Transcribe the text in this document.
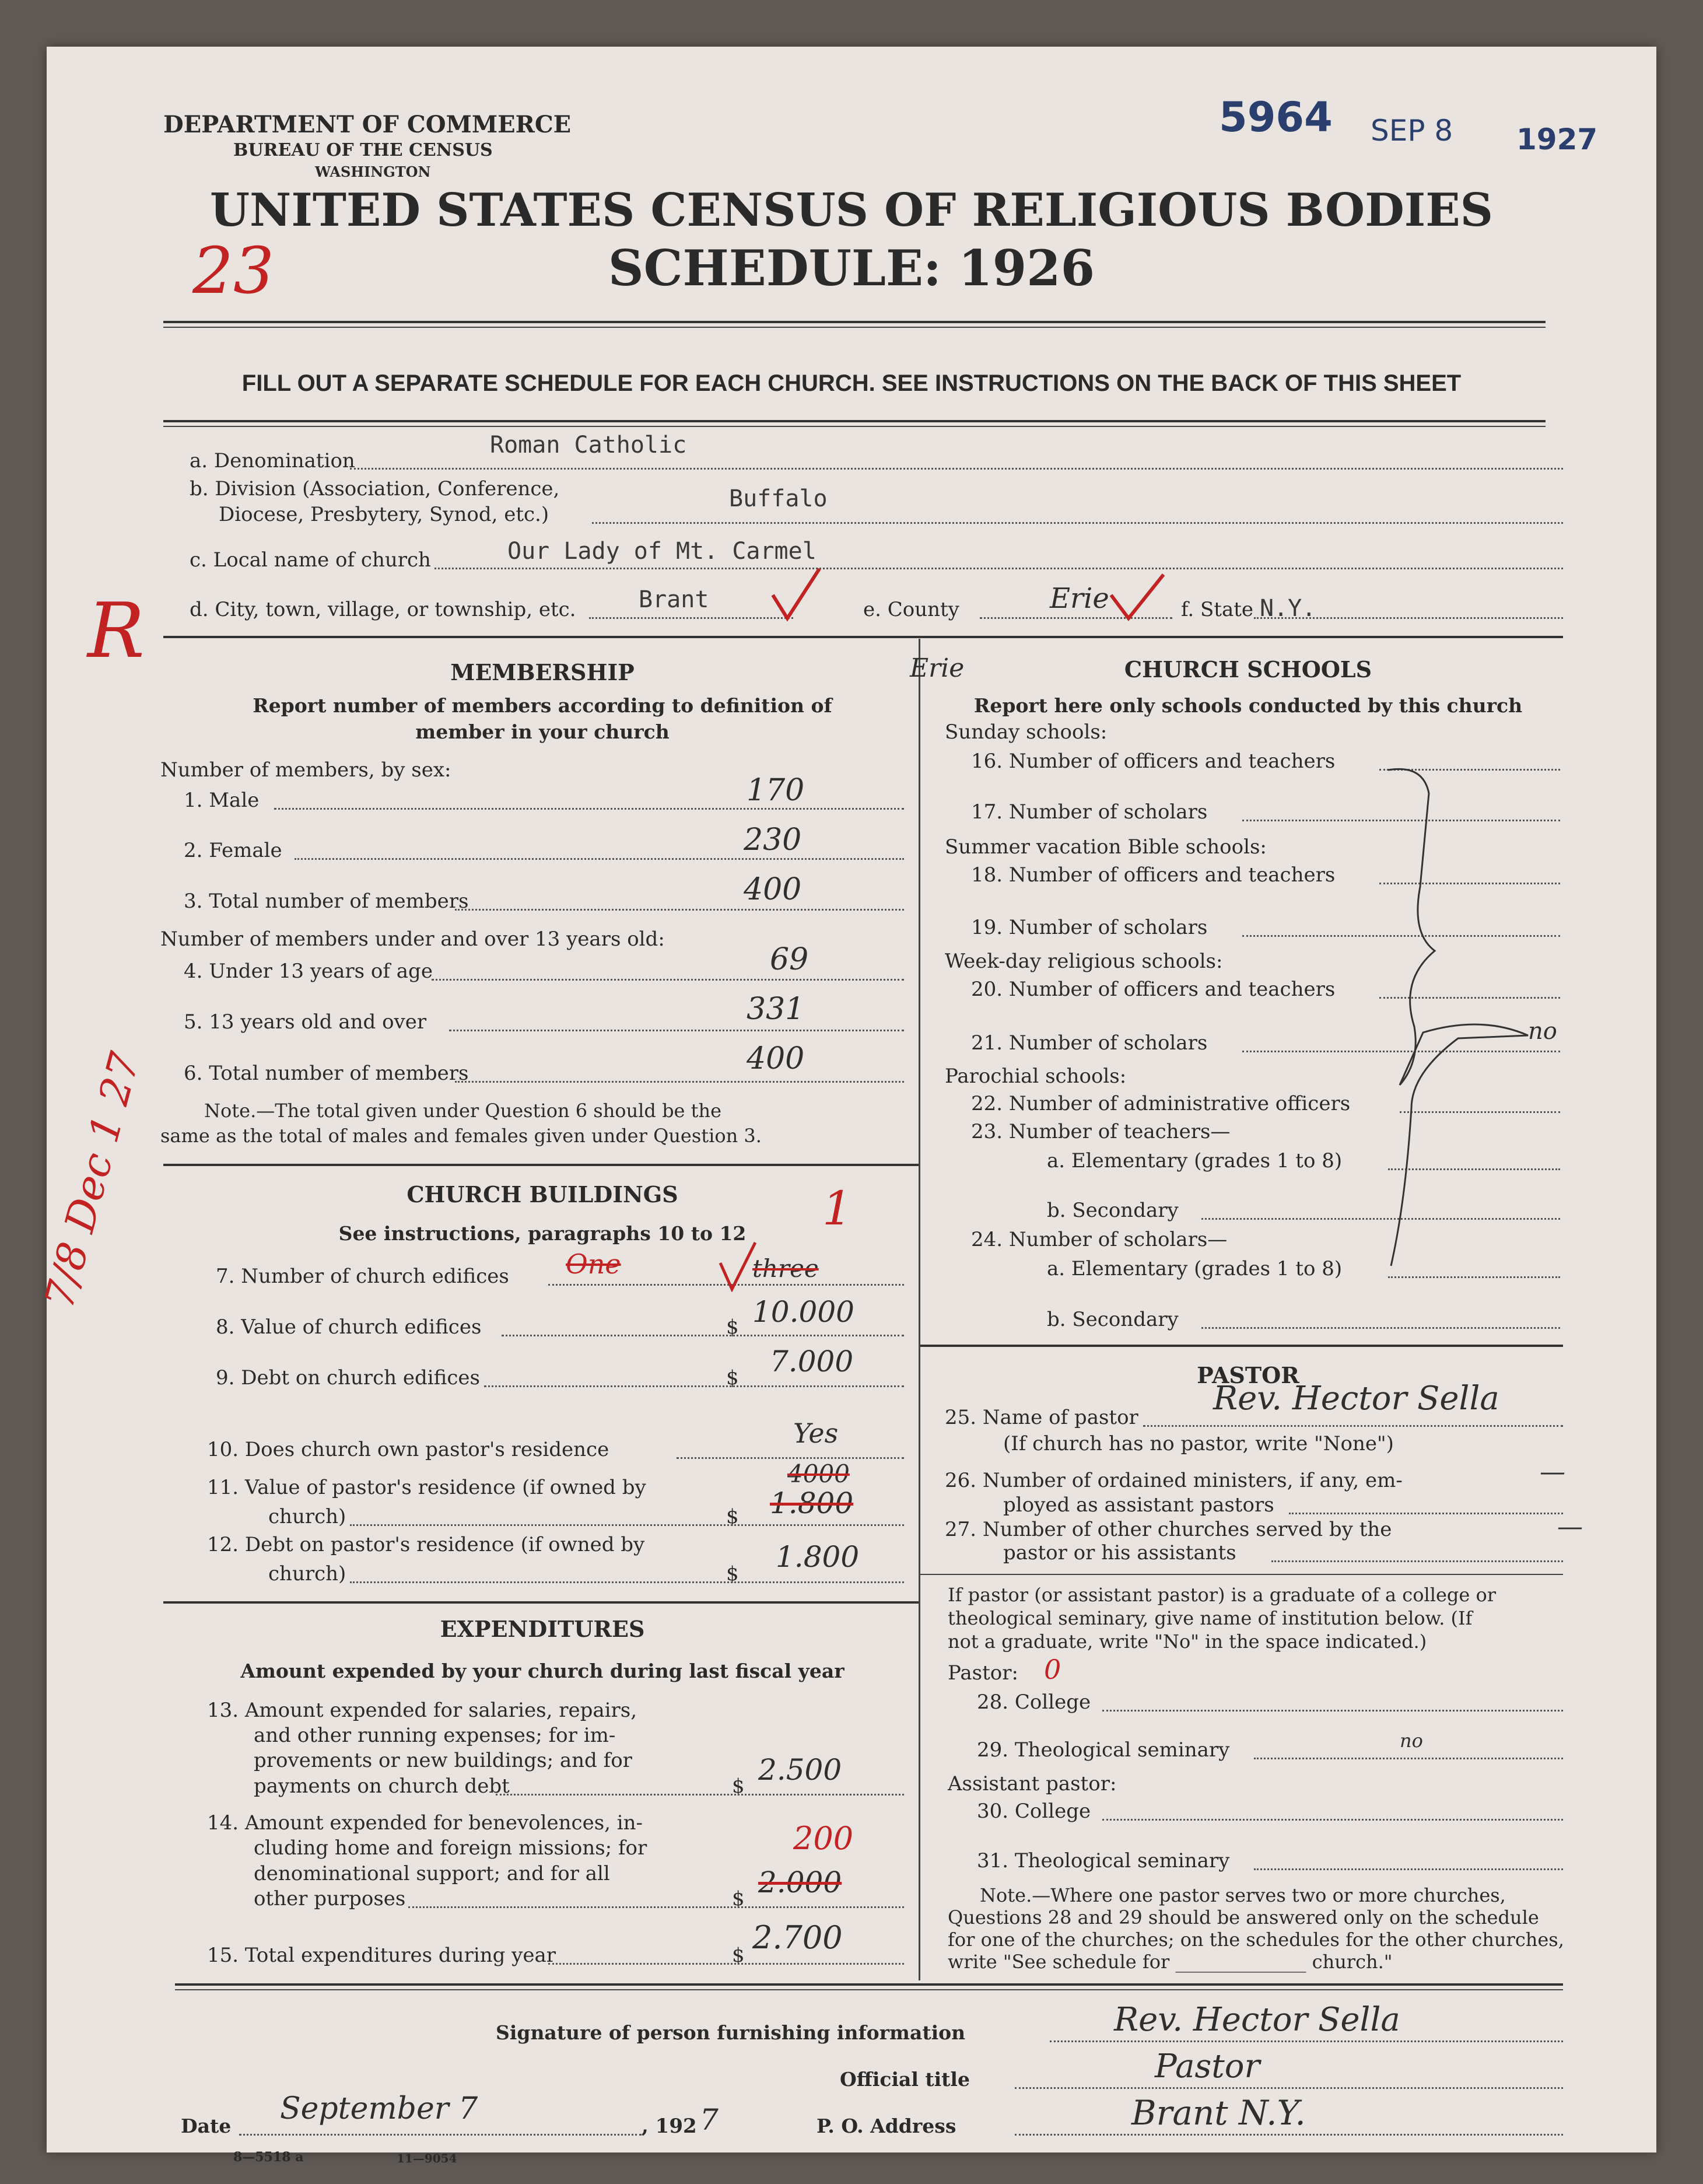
DEPARTMENT OF COMMERCE
BUREAU OF THE CENSUS
WASHINGTON
5964 SEP 8 1927
UNITED STATES CENSUS OF RELIGIOUS BODIES
SCHEDULE: 1926
23
FILL OUT A SEPARATE SCHEDULE FOR EACH CHURCH. SEE INSTRUCTIONS ON THE BACK OF THIS SHEET
a. Denomination
Roman Catholic
b. Division (Association, Conference,
Diocese, Presbytery, Synod, etc.)
Buffalo
c. Local name of church	Our Lady of Mt. Carmel
d. City, town, village, or township, etc.	Brant	e. County	Erie	f. State N.Y.
R	MEMBERSHIP
Report number of members according to definition of
member in your church
Number of members, by sex:
1. Male	170
2. Female	230
3. Total number of members	400
Number of members under and over 13 years old:
4. Under 13 years of age	69
5. 13 years old and over	331
6. Total number of members	400
Note.—The total given under Question 6 should be the
same as the total of males and females given under Question 3.
CHURCH BUILDINGS
See instructions, paragraphs 10 to 12
7. Number of church edifices One	three
1
8. Value of church edifices	$ 10.000
9. Debt on church edifices	$ 7.000
10. Does church own pastor's residence
Yes
11. Value of pastor's residence (if owned by
church)	$
4000
1.800
12. Debt on pastor's residence (if owned by
church)	$ 1.800
7/8 Dec 1 27
EXPENDITURES
Amount expended by your church during last fiscal year
13. Amount expended for salaries, repairs,
and other running expenses; for im-
provements or new buildings; and for
payments on church debt	$ 2.500
14. Amount expended for benevolences, in-
cluding home and foreign missions; for
denominational support; and for all
other purposes
200
$ 2.000
15. Total expenditures during year	$ 2.700
CHURCH SCHOOLS
Erie
Report here only schools conducted by this church
Sunday schools:
16. Number of officers and teachers
17. Number of scholars
Summer vacation Bible schools:
18. Number of officers and teachers
19. Number of scholars
Week-day religious schools:
20. Number of officers and teachers
21. Number of scholars	no
Parochial schools:
22. Number of administrative officers
23. Number of teachers—
a. Elementary (grades 1 to 8)
b. Secondary
24. Number of scholars—
a. Elementary (grades 1 to 8)
b. Secondary
PASTOR
25. Name of pastor Rev. Hector Sella
(If church has no pastor, write "None")
26. Number of ordained ministers, if any, em-
ployed as assistant pastors
—
27. Number of other churches served by the
pastor or his assistants
—
If pastor (or assistant pastor) is a graduate of a college or
theological seminary, give name of institution below. (If
not a graduate, write "No" in the space indicated.)
Pastor: 0
28. College
29. Theological seminary	no
Assistant pastor:
30. College
31. Theological seminary
Note.—Where one pastor serves two or more churches,
Questions 28 and 29 should be answered only on the schedule
for one of the churches; on the schedules for the other churches,
write "See schedule for ______________ church."
Signature of person furnishing information	Rev. Hector Sella
Official title	Pastor
Date September 7	, 192 7	P. O. Address	Brant N.Y.
8—5518 a	11—9054
